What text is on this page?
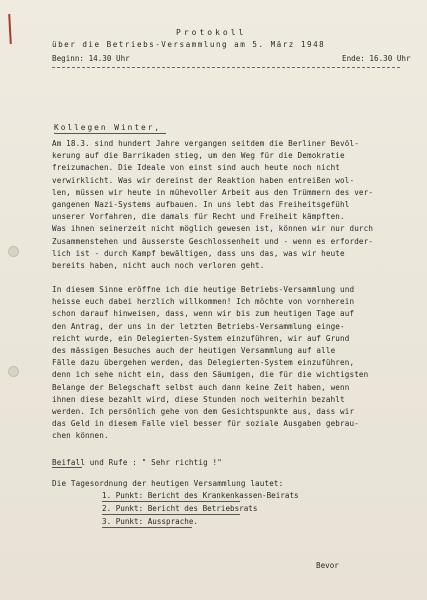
Protokoll
über die Betriebs-Versammlung am 5. März 1948
Beginn: 14.30 Uhr	Ende: 16.30 Uhr
Kollegen Winter,
Am 18.3. sind hundert Jahre vergangen seitdem die Berliner Bevöl-
kerung auf die Barrikaden stieg, um den Weg für die Demokratie
freizumachen. Die Ideale von einst sind auch heute noch nicht
verwirklicht. Was wir dereinst der Reaktion haben entreißen wol-
len, müssen wir heute in mühevoller Arbeit aus den Trümmern des ver-
gangenen Nazi-Systems aufbauen. In uns lebt das Freiheitsgefühl
unserer Vorfahren, die damals für Recht und Freiheit kämpften.
Was ihnen seinerzeit nicht möglich gewesen ist, können wir nur durch
Zusammenstehen und äusserste Geschlossenheit und - wenn es erforder-
lich ist - durch Kampf bewältigen, dass uns das, was wir heute
bereits haben, nicht auch noch verloren geht.
In diesem Sinne eröffne ich die heutige Betriebs-Versammlung und
heisse euch dabei herzlich willkommen! Ich möchte von vornherein
schon darauf hinweisen, dass, wenn wir bis zum heutigen Tage auf
den Antrag, der uns in der letzten Betriebs-Versammlung einge-
reicht wurde, ein Delegierten-System einzuführen, wir auf Grund
des mässigen Besuches auch der heutigen Versammlung auf alle
Fälle dazu übergehen werden, das Delegierten-System einzuführen,
denn ich sehe nicht ein, dass den Säumigen, die für die wichtigsten
Belange der Belegschaft selbst auch dann keine Zeit haben, wenn
ihnen diese bezahlt wird, diese Stunden noch weiterhin bezahlt
werden. Ich persönlich gehe von dem Gesichtspunkte aus, dass wir
das Geld in diesem Falle viel besser für soziale Ausgaben gebrau-
chen können.
Beifall und Rufe : " Sehr richtig !"
Die Tagesordnung der heutigen Versammlung lautet:
1. Punkt: Bericht des Krankenkassen-Beirats
2. Punkt: Bericht des Betriebsrats
3. Punkt: Aussprache.
Bevor
